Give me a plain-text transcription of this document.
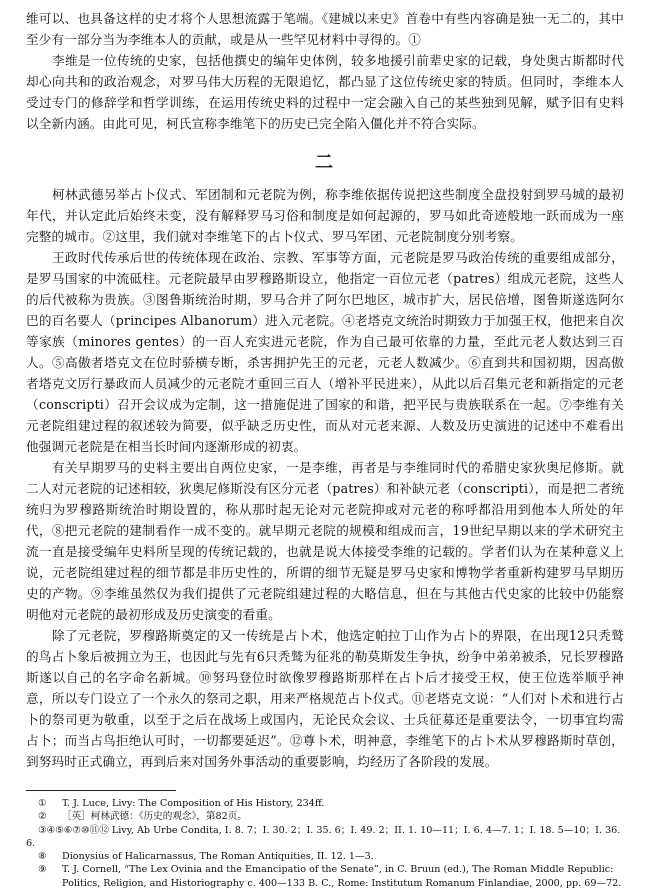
维可以、也具备这样的史才将个人思想流露于笔端。《建城以来史》首卷中有些内容确是独一无二的，其中至少有一部分当为李维本人的贡献，或是从一些罕见材料中寻得的。①

李维是一位传统的史家，包括他撰史的编年史体例，较多地援引前辈史家的记载，身处奥古斯都时代却心向共和的政治观念，对罗马伟大历程的无限追忆，都凸显了这位传统史家的特质。但同时，李维本人受过专门的修辞学和哲学训练，在运用传统史料的过程中一定会融入自己的某些独到见解，赋予旧有史料以全新内涵。由此可见，柯氏宣称李维笔下的历史已完全陷入僵化并不符合实际。

二

柯林武德另举占卜仪式、军团制和元老院为例，称李维依据传说把这些制度全盘投射到罗马城的最初年代，并认定此后始终未变，没有解释罗马习俗和制度是如何起源的，罗马如此奇迹般地一跃而成为一座完整的城市。②这里，我们就对李维笔下的占卜仪式、罗马军团、元老院制度分别考察。

王政时代传承后世的传统体现在政治、宗教、军事等方面，元老院是罗马政治传统的重要组成部分，是罗马国家的中流砥柱。元老院最早由罗穆路斯设立，他指定一百位元老（patres）组成元老院，这些人的后代被称为贵族。③图鲁斯统治时期，罗马合并了阿尔巴地区，城市扩大，居民倍增，图鲁斯遂选阿尔巴的百名要人（principes Albanorum）进入元老院。④老塔克文统治时期致力于加强王权，他把来自次等家族（minores gentes）的一百人充实进元老院，作为自己最可依靠的力量，至此元老人数达到三百人。⑤高傲者塔克文在位时骄横专断，杀害拥护先王的元老，元老人数减少。⑥直到共和国初期，因高傲者塔克文厉行暴政而人员减少的元老院才重回三百人（增补平民进来），从此以后召集元老和新指定的元老（conscripti）召开会议成为定制，这一措施促进了国家的和谐，把平民与贵族联系在一起。⑦李维有关元老院组建过程的叙述较为简要，似乎缺乏历史性，而从对元老来源、人数及历史演进的记述中不难看出他强调元老院是在相当长时间内逐渐形成的初衷。

有关早期罗马的史料主要出自两位史家，一是李维，再者是与李维同时代的希腊史家狄奥尼修斯。就二人对元老院的记述相较，狄奥尼修斯没有区分元老（patres）和补缺元老（conscripti），而是把二者统统归为罗穆路斯统治时期设置的，称从那时起无论对元老院抑或对元老的称呼都沿用到他本人所处的年代，⑧把元老院的建制看作一成不变的。就早期元老院的规模和组成而言，19世纪早期以来的学术研究主流一直是接受编年史料所呈现的传统记载的，也就是说大体接受李维的记载的。学者们认为在某种意义上说，元老院组建过程的细节都是非历史性的，所谓的细节无疑是罗马史家和博物学者重新构建罗马早期历史的产物。⑨李维虽然仅为我们提供了元老院组建过程的大略信息，但在与其他古代史家的比较中仍能察明他对元老院的最初形成及历史演变的看重。

除了元老院，罗穆路斯奠定的又一传统是占卜术，他选定帕拉丁山作为占卜的界限，在出现12只秃鹫的鸟占卜象后被拥立为王，也因此与先有6只秃鹫为征兆的勒莫斯发生争执，纷争中弟弟被杀，兄长罗穆路斯遂以自己的名字命名新城。⑩努玛登位时欲像罗穆路斯那样在占卜后才接受王权，使王位选举顺乎神意，所以专门设立了一个永久的祭司之职，用来严格规范占卜仪式。⑪老塔克文说：“人们对卜术和进行占卜的祭司更为敬重，以至于之后在战场上或国内，无论民众会议、士兵征募还是重要法令，一切事宜均需占卜；而当占鸟拒绝认可时，一切都要延迟”。⑫尊卜术，明神意，李维笔下的占卜术从罗穆路斯时草创，到努玛时正式确立，再到后来对国务外事活动的重要影响，均经历了各阶段的发展。

① T. J. Luce, Livy: The Composition of His History, 234ff.

② ［英］柯林武德：《历史的观念》，第82页。

③④⑤⑥⑦⑩⑪⑫ Livy, Ab Urbe Condita, I. 8. 7；I. 30. 2；I. 35. 6；I. 49. 2；II. 1. 10—11；I. 6. 4—7. 1；I. 18. 5—10；I. 36. 6.

⑧ Dionysius of Halicarnassus, The Roman Antiquities, II. 12. 1—3.

⑨ T. J. Cornell, “The Lex Ovinia and the Emancipatio of the Senate”, in C. Bruun (ed.), The Roman Middle Republic: Politics, Religion, and Historiography c. 400—133 B. C., Rome: Institutum Romanum Finlandiae, 2000, pp. 69—72.
